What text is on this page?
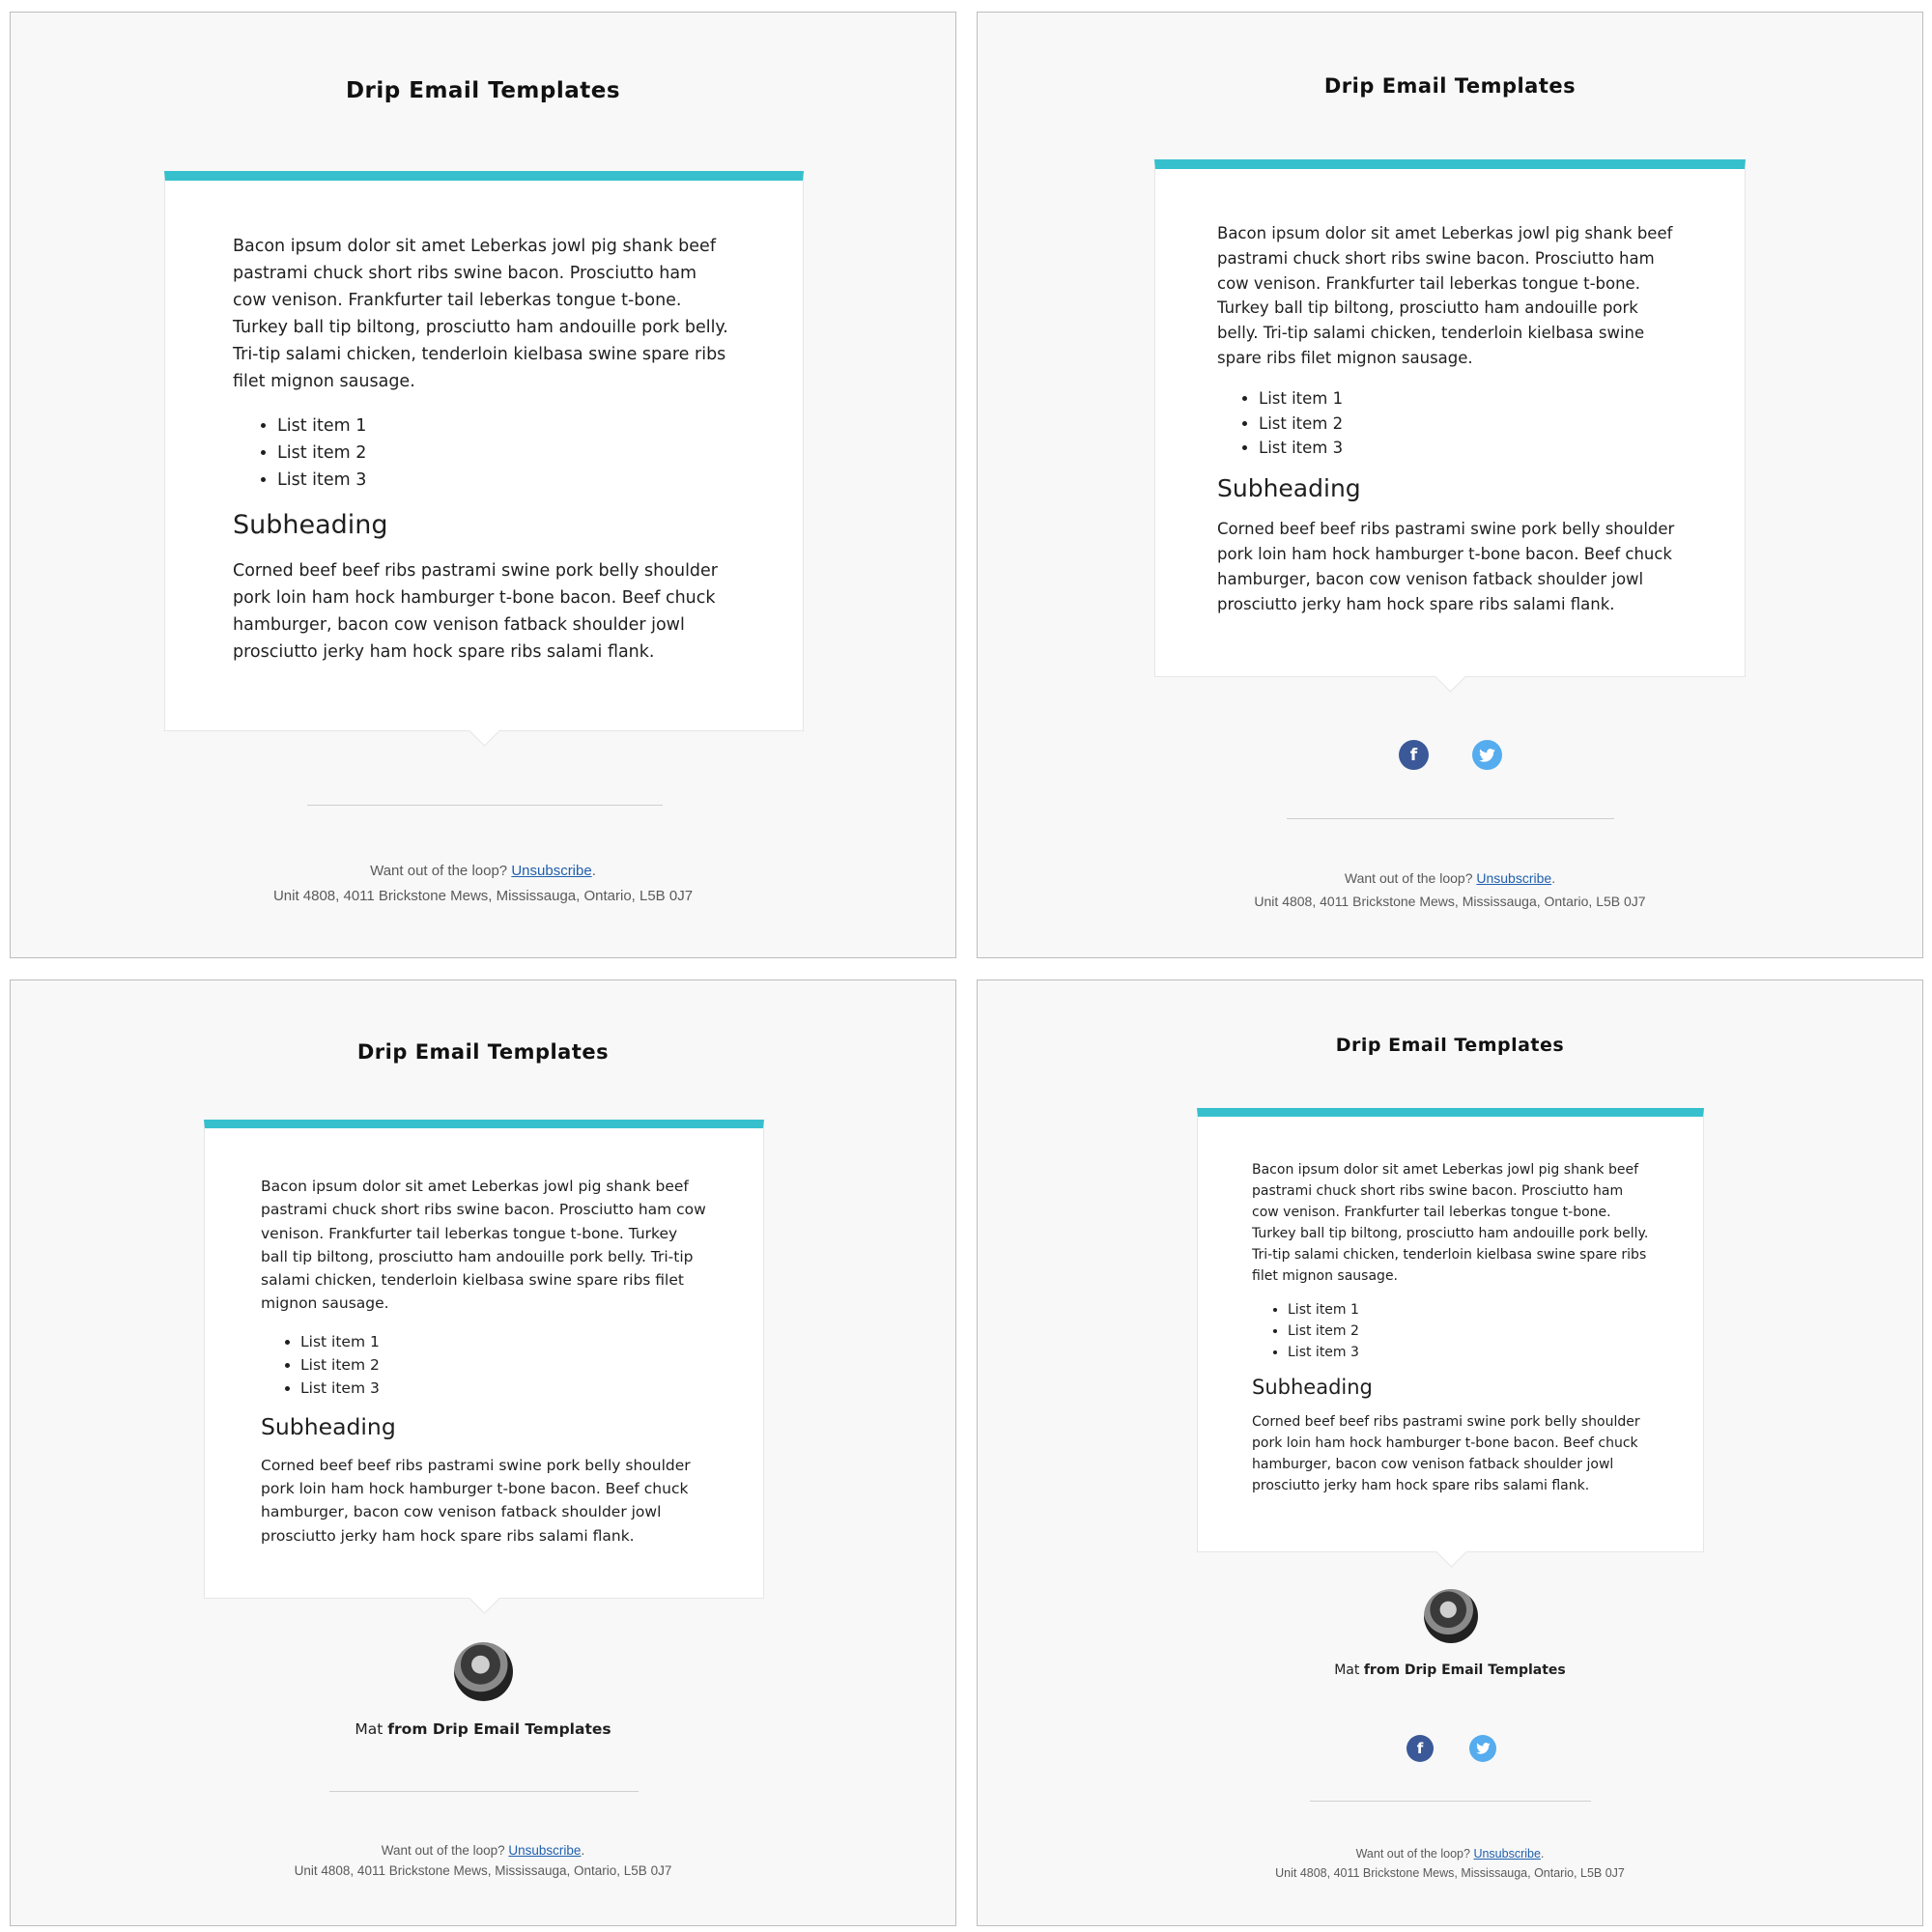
Drip Email Templates

Bacon ipsum dolor sit amet Leberkas jowl pig shank beef pastrami chuck short ribs swine bacon. Prosciutto ham cow venison. Frankfurter tail leberkas tongue t-bone. Turkey ball tip biltong, prosciutto ham andouille pork belly. Tri-tip salami chicken, tenderloin kielbasa swine spare ribs filet mignon sausage.

• List item 1
• List item 2
• List item 3
Subheading

Corned beef beef ribs pastrami swine pork belly shoulder pork loin ham hock hamburger t-bone bacon. Beef chuck hamburger, bacon cow venison fatback shoulder jowl prosciutto jerky ham hock spare ribs salami flank.

Want out of the loop? Unsubscribe.
Unit 4808, 4011 Brickstone Mews, Mississauga, Ontario, L5B 0J7
Drip Email Templates

Bacon ipsum dolor sit amet Leberkas jowl pig shank beef pastrami chuck short ribs swine bacon. Prosciutto ham cow venison. Frankfurter tail leberkas tongue t-bone. Turkey ball tip biltong, prosciutto ham andouille pork belly. Tri-tip salami chicken, tenderloin kielbasa swine spare ribs filet mignon sausage.

• List item 1
• List item 2
• List item 3
Subheading

Corned beef beef ribs pastrami swine pork belly shoulder pork loin ham hock hamburger t-bone bacon. Beef chuck hamburger, bacon cow venison fatback shoulder jowl prosciutto jerky ham hock spare ribs salami flank.

f
Want out of the loop? Unsubscribe.
Unit 4808, 4011 Brickstone Mews, Mississauga, Ontario, L5B 0J7
Drip Email Templates

Bacon ipsum dolor sit amet Leberkas jowl pig shank beef pastrami chuck short ribs swine bacon. Prosciutto ham cow venison. Frankfurter tail leberkas tongue t-bone. Turkey ball tip biltong, prosciutto ham andouille pork belly. Tri-tip salami chicken, tenderloin kielbasa swine spare ribs filet mignon sausage.

• List item 1
• List item 2
• List item 3
Subheading

Corned beef beef ribs pastrami swine pork belly shoulder pork loin ham hock hamburger t-bone bacon. Beef chuck hamburger, bacon cow venison fatback shoulder jowl prosciutto jerky ham hock spare ribs salami flank.

Mat from Drip Email Templates
Want out of the loop? Unsubscribe.
Unit 4808, 4011 Brickstone Mews, Mississauga, Ontario, L5B 0J7
Drip Email Templates

Bacon ipsum dolor sit amet Leberkas jowl pig shank beef pastrami chuck short ribs swine bacon. Prosciutto ham cow venison. Frankfurter tail leberkas tongue t-bone. Turkey ball tip biltong, prosciutto ham andouille pork belly. Tri-tip salami chicken, tenderloin kielbasa swine spare ribs filet mignon sausage.

• List item 1
• List item 2
• List item 3
Subheading

Corned beef beef ribs pastrami swine pork belly shoulder pork loin ham hock hamburger t-bone bacon. Beef chuck hamburger, bacon cow venison fatback shoulder jowl prosciutto jerky ham hock spare ribs salami flank.

Mat from Drip Email Templates
f
Want out of the loop? Unsubscribe.
Unit 4808, 4011 Brickstone Mews, Mississauga, Ontario, L5B 0J7
